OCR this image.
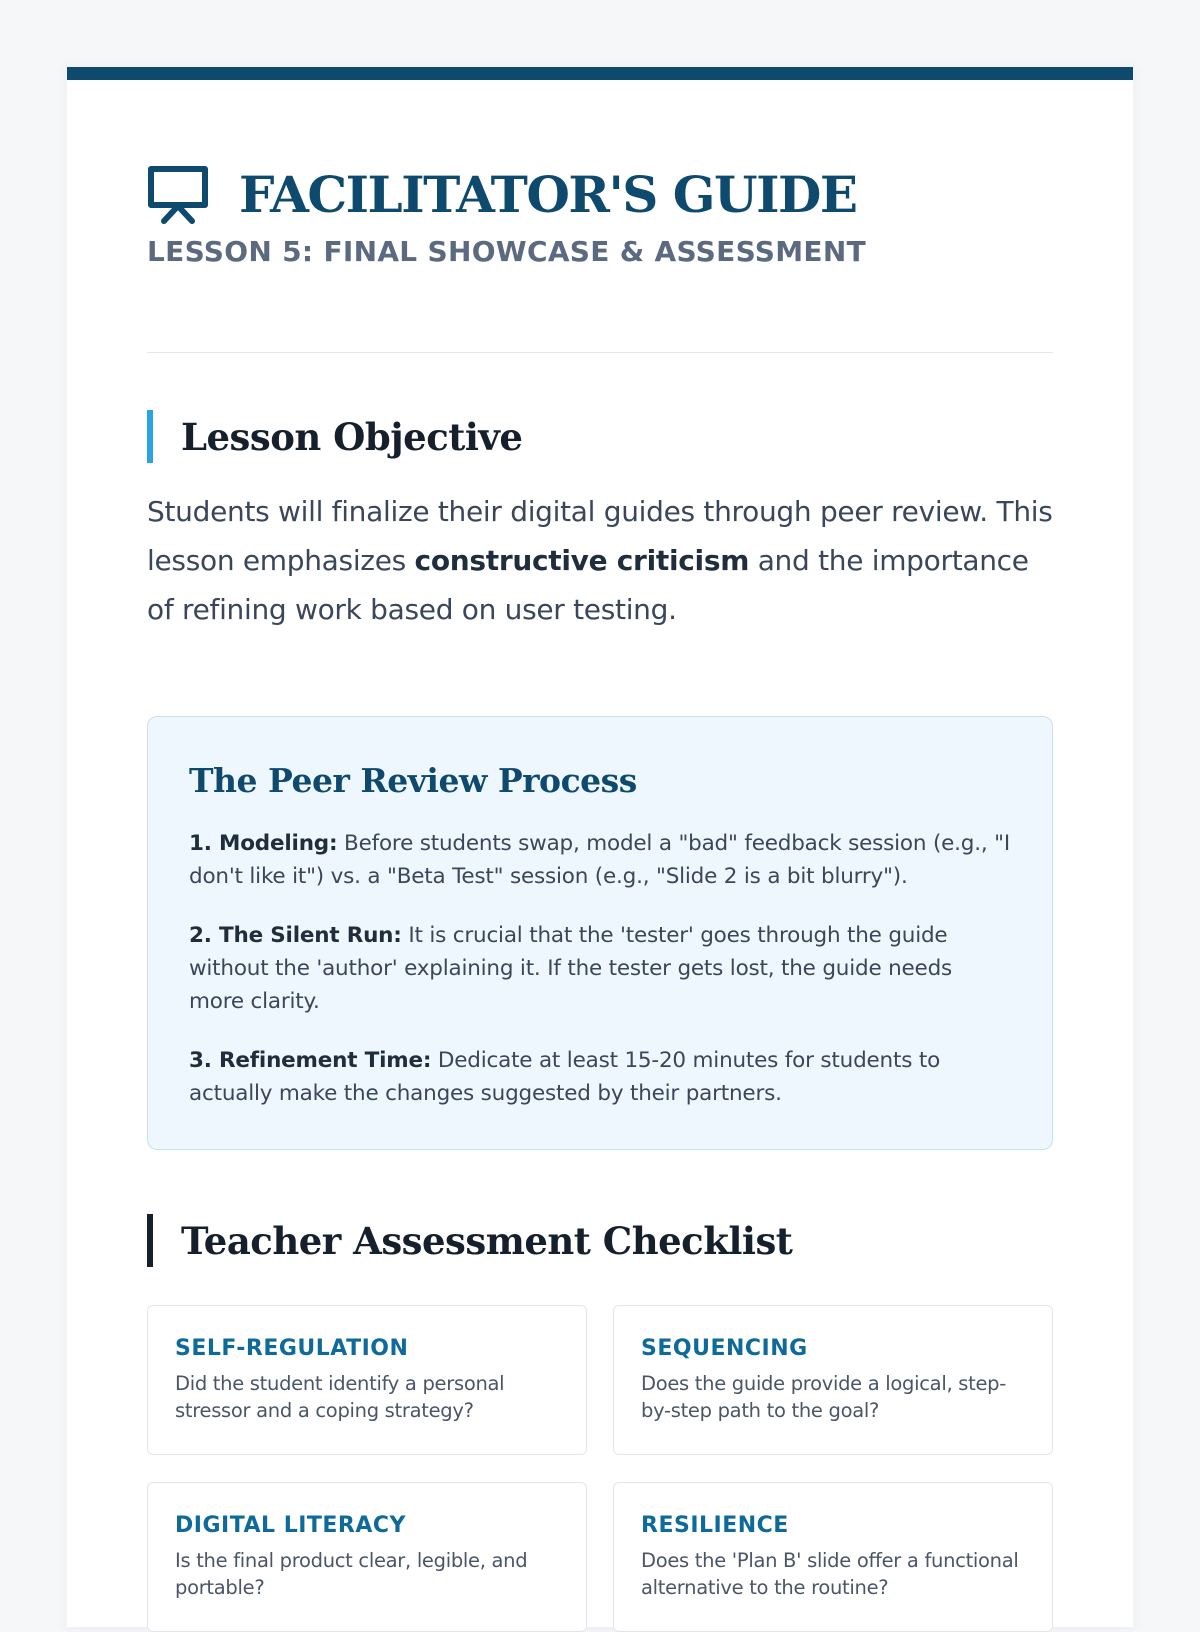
FACILITATOR'S GUIDE
LESSON 5: FINAL SHOWCASE & ASSESSMENT
Lesson Objective

Students will finalize their digital guides through peer review. This lesson emphasizes constructive criticism and the importance of refining work based on user testing.

The Peer Review Process

1. Modeling: Before students swap, model a "bad" feedback session (e.g., "I don't like it") vs. a "Beta Test" session (e.g., "Slide 2 is a bit blurry").

2. The Silent Run: It is crucial that the 'tester' goes through the guide without the 'author' explaining it. If the tester gets lost, the guide needs more clarity.

3. Refinement Time: Dedicate at least 15-20 minutes for students to actually make the changes suggested by their partners.

Teacher Assessment Checklist
SELF-REGULATION
Did the student identify a personal stressor and a coping strategy?
SEQUENCING
Does the guide provide a logical, step-by-step path to the goal?
DIGITAL LITERACY
Is the final product clear, legible, and portable?
RESILIENCE
Does the 'Plan B' slide offer a functional alternative to the routine?
